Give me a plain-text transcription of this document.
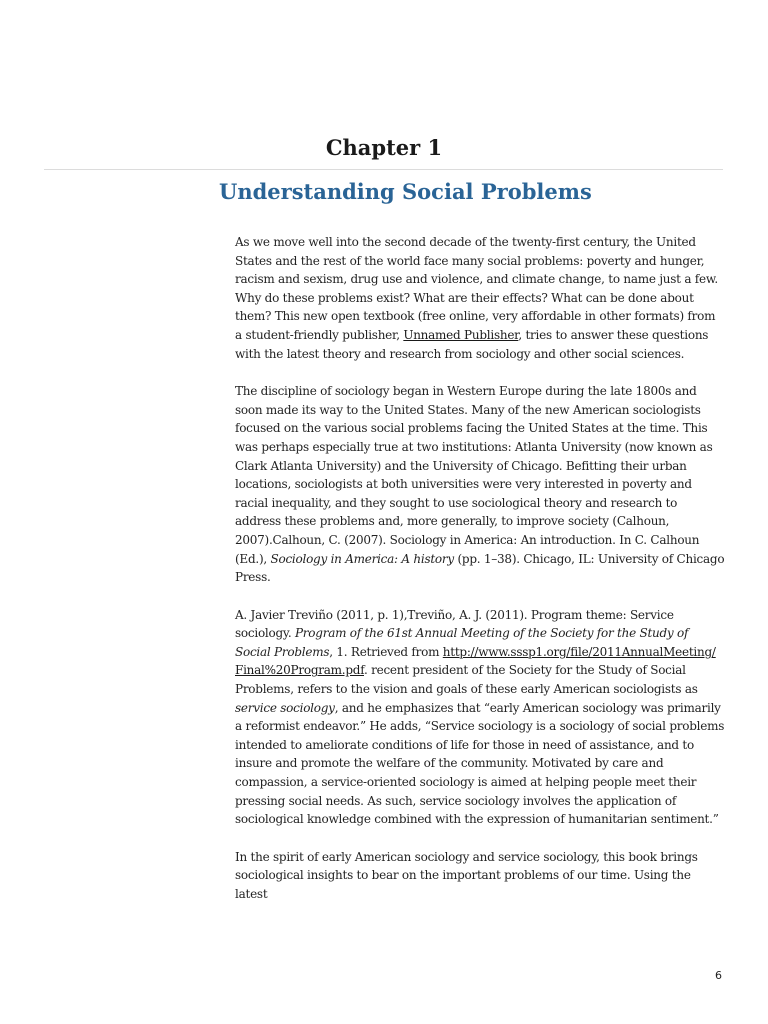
Chapter 1
Understanding Social Problems

As we move well into the second decade of the twenty-first century, the United States and the rest of the world face many social problems: poverty and hunger, racism and sexism, drug use and violence, and climate change, to name just a few. Why do these problems exist? What are their effects? What can be done about them? This new open textbook (free online, very affordable in other formats) from a student-friendly publisher, Unnamed Publisher, tries to answer these questions with the latest theory and research from sociology and other social sciences.

The discipline of sociology began in Western Europe during the late 1800s and soon made its way to the United States. Many of the new American sociologists focused on the various social problems facing the United States at the time. This was perhaps especially true at two institutions: Atlanta University (now known as Clark Atlanta University) and the University of Chicago. Befitting their urban locations, sociologists at both universities were very interested in poverty and racial inequality, and they sought to use sociological theory and research to address these problems and, more generally, to improve society (Calhoun, 2007).Calhoun, C. (2007). Sociology in America: An introduction. In C. Calhoun (Ed.), Sociology in America: A history (pp. 1–38). Chicago, IL: University of Chicago Press.

A. Javier Treviño (2011, p. 1),Treviño, A. J. (2011). Program theme: Service sociology. Program of the 61st Annual Meeting of the Society for the Study of Social Problems, 1. Retrieved from http://www.sssp1.org/file/2011AnnualMeeting/ Final%20Program.pdf. recent president of the Society for the Study of Social Problems, refers to the vision and goals of these early American sociologists as service sociology, and he emphasizes that “early American sociology was primarily a reformist endeavor.” He adds, “Service sociology is a sociology of social problems intended to ameliorate conditions of life for those in need of assistance, and to insure and promote the welfare of the community. Motivated by care and compassion, a service-oriented sociology is aimed at helping people meet their pressing social needs. As such, service sociology involves the application of sociological knowledge combined with the expression of humanitarian sentiment.”

In the spirit of early American sociology and service sociology, this book brings sociological insights to bear on the important problems of our time. Using the latest

6
